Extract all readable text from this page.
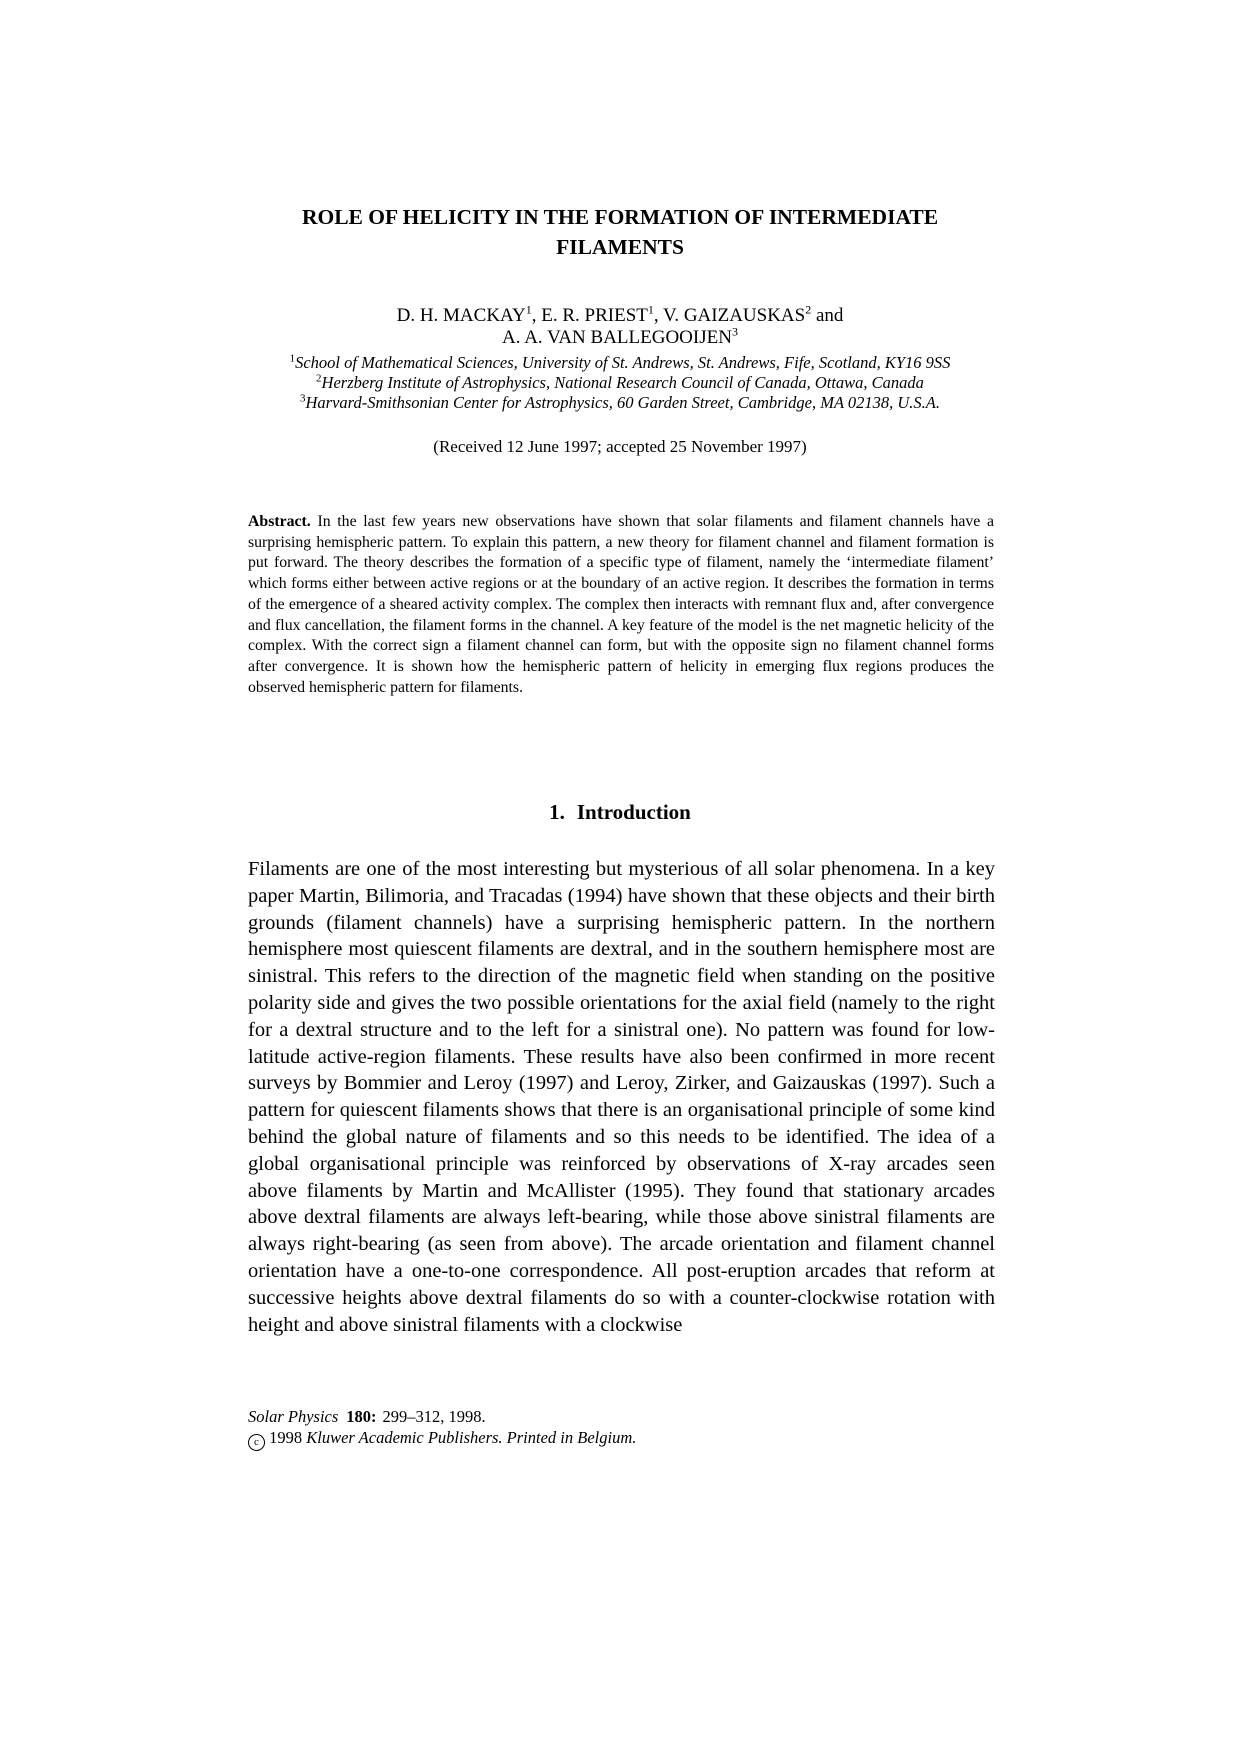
ROLE OF HELICITY IN THE FORMATION OF INTERMEDIATE FILAMENTS
D. H. MACKAY$^1$, E. R. PRIEST$^1$, V. GAIZAUSKAS$^2$ and
A. A. VAN BALLEGOOIJEN$^3$
$^1$School of Mathematical Sciences, University of St. Andrews, St. Andrews, Fife, Scotland, KY16 9SS
$^2$Herzberg Institute of Astrophysics, National Research Council of Canada, Ottawa, Canada
$^3$Harvard-Smithsonian Center for Astrophysics, 60 Garden Street, Cambridge, MA 02138, U.S.A.
(Received 12 June 1997; accepted 25 November 1997)
Abstract. In the last few years new observations have shown that solar filaments and filament channels have a surprising hemispheric pattern. To explain this pattern, a new theory for filament channel and filament formation is put forward. The theory describes the formation of a specific type of filament, namely the ‘intermediate filament’ which forms either between active regions or at the boundary of an active region. It describes the formation in terms of the emergence of a sheared activity complex. The complex then interacts with remnant flux and, after convergence and flux cancellation, the filament forms in the channel. A key feature of the model is the net magnetic helicity of the complex. With the correct sign a filament channel can form, but with the opposite sign no filament channel forms after convergence. It is shown how the hemispheric pattern of helicity in emerging flux regions produces the observed hemispheric pattern for filaments.
1. Introduction
Filaments are one of the most interesting but mysterious of all solar phenomena. In a key paper Martin, Bilimoria, and Tracadas (1994) have shown that these objects and their birth grounds (filament channels) have a surprising hemispheric pattern. In the northern hemisphere most quiescent filaments are dextral, and in the southern hemisphere most are sinistral. This refers to the direction of the magnetic field when standing on the positive polarity side and gives the two possible orientations for the axial field (namely to the right for a dextral structure and to the left for a sinistral one). No pattern was found for low-latitude active-region filaments. These results have also been confirmed in more recent surveys by Bommier and Leroy (1997) and Leroy, Zirker, and Gaizauskas (1997). Such a pattern for quiescent filaments shows that there is an organisational principle of some kind behind the global nature of filaments and so this needs to be identified. The idea of a global organisational principle was reinforced by observations of X-ray arcades seen above filaments by Martin and McAllister (1995). They found that stationary arcades above dextral filaments are always left-bearing, while those above sinistral filaments are always right-bearing (as seen from above). The arcade orientation and filament channel orientation have a one-to-one correspondence. All post-eruption arcades that reform at successive heights above dextral filaments do so with a counter-clockwise rotation with height and above sinistral filaments with a clockwise
Solar Physics 180: 299–312, 1998.
c 1998 Kluwer Academic Publishers. Printed in Belgium.
